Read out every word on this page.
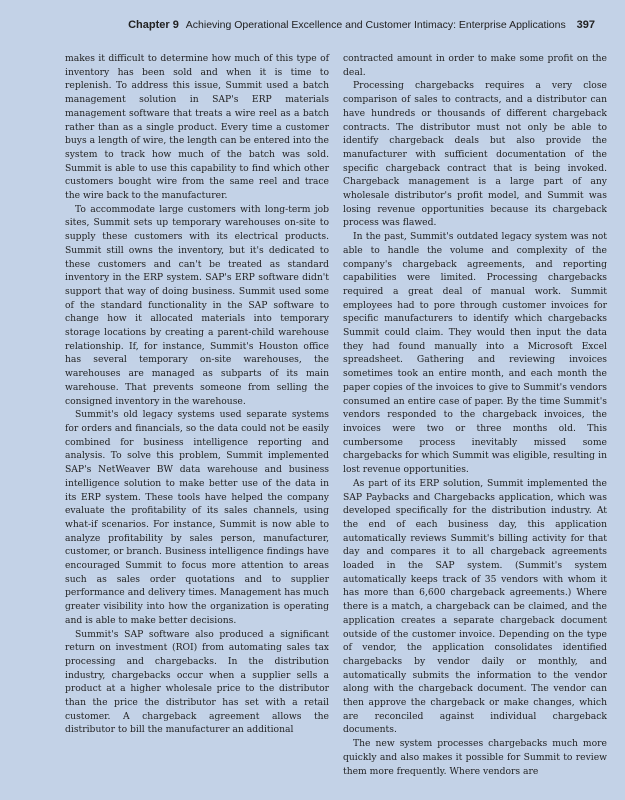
Chapter 9 Achieving Operational Excellence and Customer Intimacy: Enterprise Applications 397

makes it difficult to determine how much of this type of inventory has been sold and when it is time to replenish. To address this issue, Summit used a batch management solution in SAP's ERP materials management software that treats a wire reel as a batch rather than as a single product. Every time a customer buys a length of wire, the length can be entered into the system to track how much of the batch was sold. Summit is able to use this capability to find which other customers bought wire from the same reel and trace the wire back to the manufacturer.

To accommodate large customers with long-term job sites, Summit sets up temporary warehouses on-site to supply these customers with its electrical products. Summit still owns the inventory, but it's dedicated to these customers and can't be treated as standard inventory in the ERP system. SAP's ERP software didn't support that way of doing business. Summit used some of the standard functionality in the SAP software to change how it allocated materials into temporary storage locations by creating a parent-child warehouse relationship. If, for instance, Summit's Houston office has several temporary on-site warehouses, the warehouses are managed as subparts of its main warehouse. That prevents someone from selling the consigned inventory in the warehouse.

Summit's old legacy systems used separate systems for orders and financials, so the data could not be easily combined for business intelligence reporting and analysis. To solve this problem, Summit implemented SAP's NetWeaver BW data warehouse and business intelligence solution to make better use of the data in its ERP system. These tools have helped the company evaluate the profitability of its sales channels, using what-if scenarios. For instance, Summit is now able to analyze profitability by sales person, manufacturer, customer, or branch. Business intelligence findings have encouraged Summit to focus more attention to areas such as sales order quotations and to supplier performance and delivery times. Management has much greater visibility into how the organization is operating and is able to make better decisions.

Summit's SAP software also produced a significant return on investment (ROI) from automating sales tax processing and chargebacks. In the distribution industry, chargebacks occur when a supplier sells a product at a higher wholesale price to the distributor than the price the distributor has set with a retail customer. A chargeback agreement allows the distributor to bill the manufacturer an additional

contracted amount in order to make some profit on the deal.

Processing chargebacks requires a very close comparison of sales to contracts, and a distributor can have hundreds or thousands of different chargeback contracts. The distributor must not only be able to identify chargeback deals but also provide the manufacturer with sufficient documentation of the specific chargeback contract that is being invoked. Chargeback management is a large part of any wholesale distributor's profit model, and Summit was losing revenue opportunities because its chargeback process was flawed.

In the past, Summit's outdated legacy system was not able to handle the volume and complexity of the company's chargeback agreements, and reporting capabilities were limited. Processing chargebacks required a great deal of manual work. Summit employees had to pore through customer invoices for specific manufacturers to identify which chargebacks Summit could claim. They would then input the data they had found manually into a Microsoft Excel spreadsheet. Gathering and reviewing invoices sometimes took an entire month, and each month the paper copies of the invoices to give to Summit's vendors consumed an entire case of paper. By the time Summit's vendors responded to the chargeback invoices, the invoices were two or three months old. This cumbersome process inevitably missed some chargebacks for which Summit was eligible, resulting in lost revenue opportunities.

As part of its ERP solution, Summit implemented the SAP Paybacks and Chargebacks application, which was developed specifically for the distribution industry. At the end of each business day, this application automatically reviews Summit's billing activity for that day and compares it to all chargeback agreements loaded in the SAP system. (Summit's system automatically keeps track of 35 vendors with whom it has more than 6,600 chargeback agreements.) Where there is a match, a chargeback can be claimed, and the application creates a separate chargeback document outside of the customer invoice. Depending on the type of vendor, the application consolidates identified chargebacks by vendor daily or monthly, and automatically submits the information to the vendor along with the chargeback document. The vendor can then approve the chargeback or make changes, which are reconciled against individual chargeback documents.

The new system processes chargebacks much more quickly and also makes it possible for Summit to review them more frequently. Where vendors are
